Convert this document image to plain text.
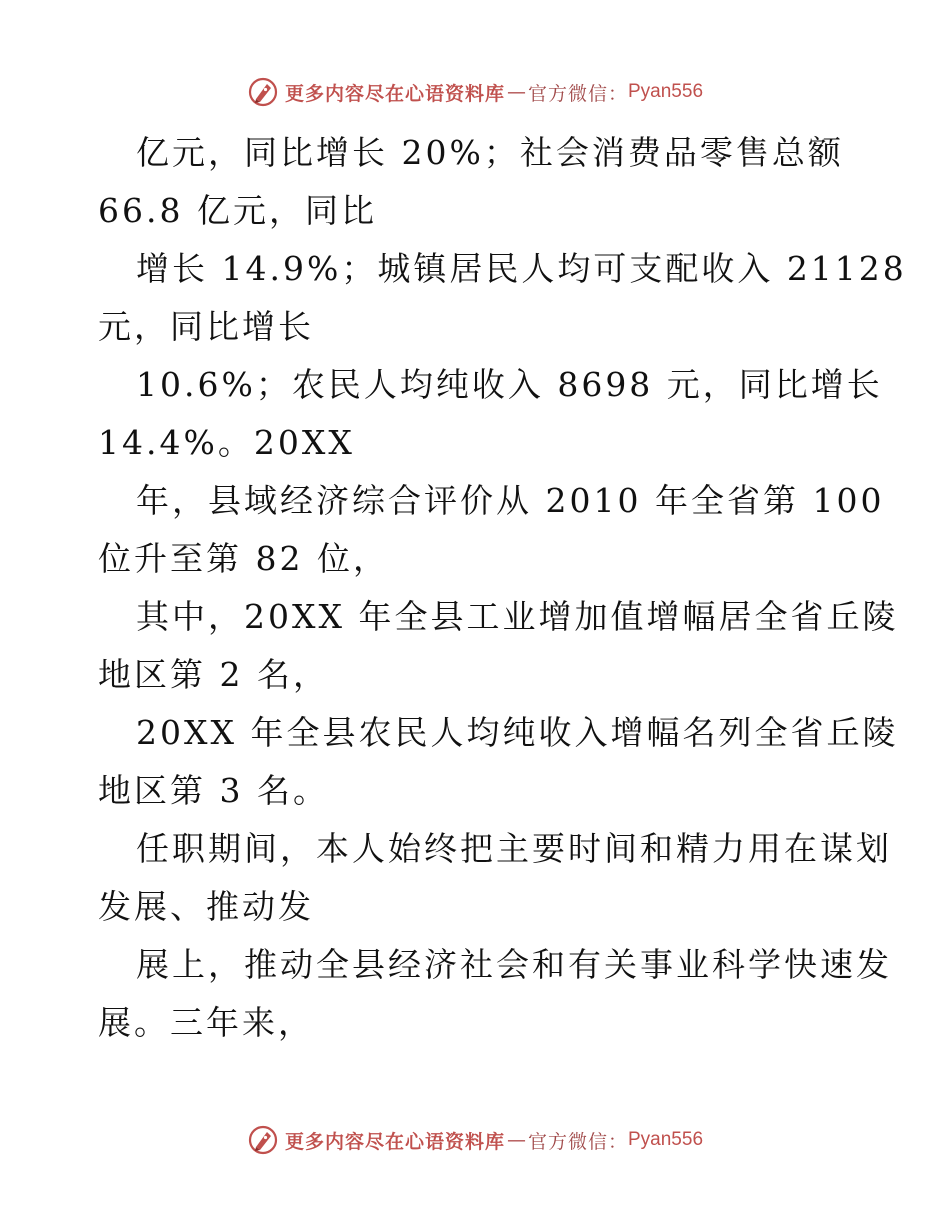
更多内容尽在心语资料库 — 官方微信： Pyan556
亿元，同比增长 20%；社会消费品零售总额
66.8 亿元，同比
增长 14.9%；城镇居民人均可支配收入 21128
元，同比增长
10.6%；农民人均纯收入 8698 元，同比增长
14.4%。20XX
年，县域经济综合评价从 2010 年全省第 100
位升至第 82 位，
其中，20XX 年全县工业增加值增幅居全省丘陵
地区第 2 名，
20XX 年全县农民人均纯收入增幅名列全省丘陵
地区第 3 名。
任职期间，本人始终把主要时间和精力用在谋划
发展、推动发
展上，推动全县经济社会和有关事业科学快速发
展。三年来，
更多内容尽在心语资料库 — 官方微信： Pyan556
